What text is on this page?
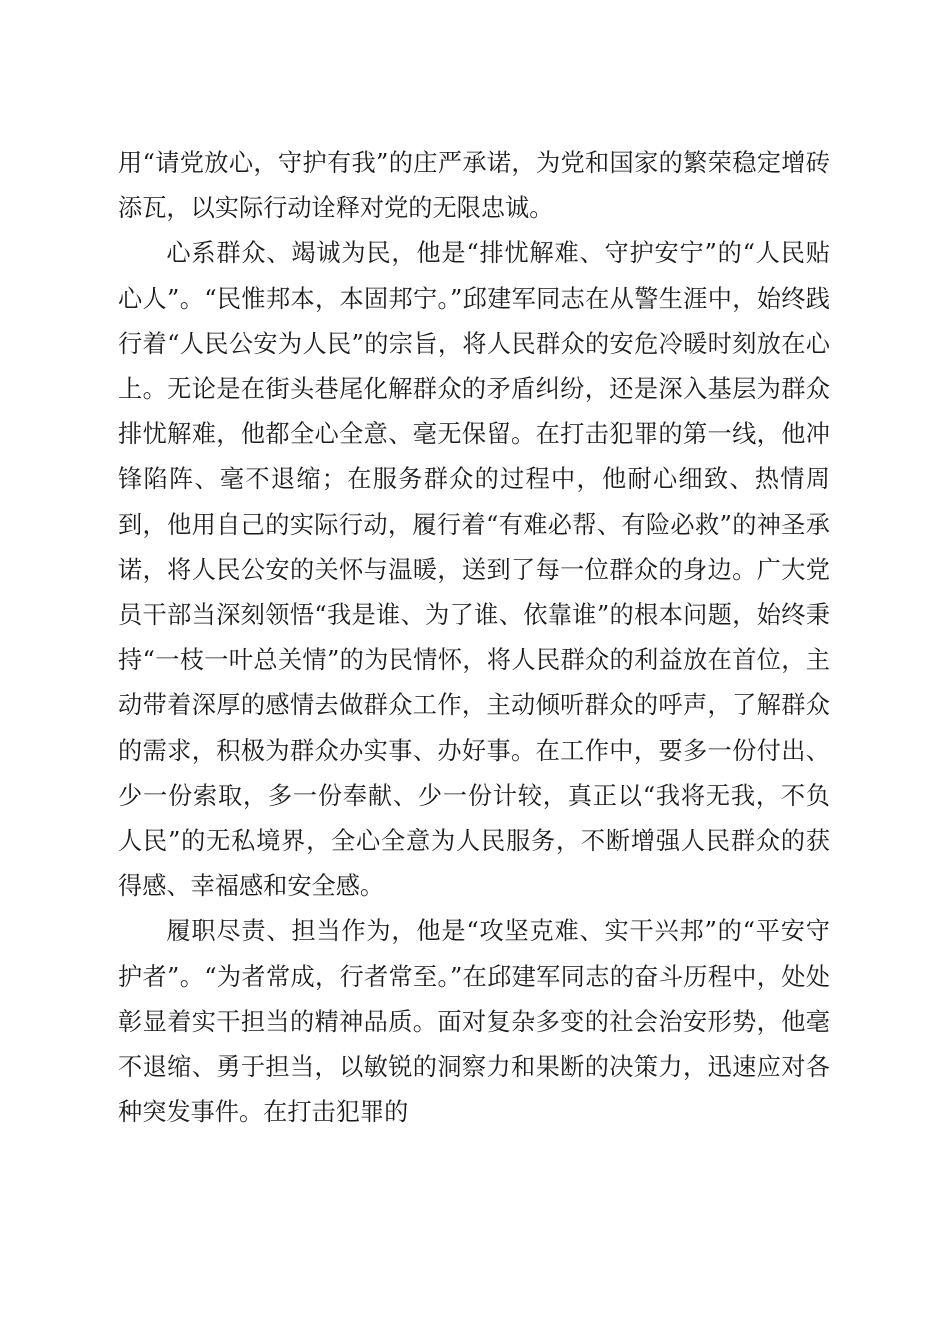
用“请党放心，守护有我”的庄严承诺，为党和国家的繁荣稳定增砖添瓦，以实际行动诠释对党的无限忠诚。

心系群众、竭诚为民，他是“排忧解难、守护安宁”的“人民贴心人”。“民惟邦本，本固邦宁。”邱建军同志在从警生涯中，始终践行着“人民公安为人民”的宗旨，将人民群众的安危冷暖时刻放在心上。无论是在街头巷尾化解群众的矛盾纠纷，还是深入基层为群众排忧解难，他都全心全意、毫无保留。在打击犯罪的第一线，他冲锋陷阵、毫不退缩；在服务群众的过程中，他耐心细致、热情周到，他用自己的实际行动，履行着“有难必帮、有险必救”的神圣承诺，将人民公安的关怀与温暖，送到了每一位群众的身边。广大党员干部当深刻领悟“我是谁、为了谁、依靠谁”的根本问题，始终秉持“一枝一叶总关情”的为民情怀，将人民群众的利益放在首位，主动带着深厚的感情去做群众工作，主动倾听群众的呼声，了解群众的需求，积极为群众办实事、办好事。在工作中，要多一份付出、少一份索取，多一份奉献、少一份计较，真正以“我将无我，不负人民”的无私境界，全心全意为人民服务，不断增强人民群众的获得感、幸福感和安全感。

履职尽责、担当作为，他是“攻坚克难、实干兴邦”的“平安守护者”。“为者常成，行者常至。”在邱建军同志的奋斗历程中，处处彰显着实干担当的精神品质。面对复杂多变的社会治安形势，他毫不退缩、勇于担当，以敏锐的洞察力和果断的决策力，迅速应对各种突发事件。在打击犯罪的
